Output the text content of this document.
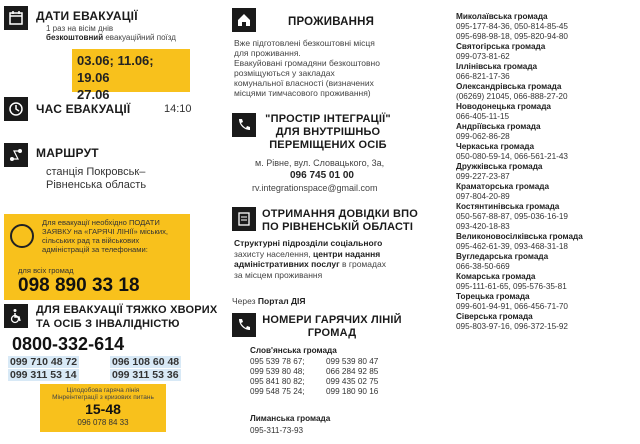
ДАТИ ЕВАКУАЦІЇ
1 раз на вісім днів
безкоштовний евакуаційний поїзд
03.06; 11.06; 19.06
27.06
ЧАС ЕВАКУАЦІЇ	14:10
МАРШРУТ
станція Покровськ–
Рівненська область
Для евакуації необхідно ПОДАТИ
ЗАЯВКУ на «ГАРЯЧІ ЛІНІЇ» міських,
сільських рад та військових
адміністрацій за телефонами:
для всіх громад
098 890 33 18
ДЛЯ ЕВАКУАЦІЇ ТЯЖКО ХВОРИХ
ТА ОСІБ З ІНВАЛІДНІСТЮ
0800-332-614
099 710 48 72	096 108 60 48
099 311 53 14	099 311 53 36
Цілодобова гаряча лінія
Мінреінтеграції з кризових питань
15-48
096 078 84 33
ПРОЖИВАННЯ
Вже підготовлені безкоштовні місця
для проживання.
Евакуйовані громадяни безкоштовно
розміщуються у закладах
комунальної власності (визначених
місцями тимчасового проживання)
"ПРОСТІР ІНТЕГРАЦІЇ"
ДЛЯ ВНУТРІШНЬО
ПЕРЕМІЩЕНИХ ОСІБ
м. Рівне, вул. Словацького, 3а,
096 745 01 00
rv.integrationspace@gmail.com
ОТРИМАННЯ ДОВІДКИ ВПО
ПО РІВНЕНСЬКІЙ ОБЛАСТІ
Структурні підрозділи соціального
захисту населення, центри надання
адміністративних послуг в громадах
за місцем проживання
Через Портал ДІЯ
НОМЕРИ ГАРЯЧИХ ЛІНІЙ
ГРОМАД
Слов'янська громада
095 539 78 67;	099 539 80 47
099 539 80 48;	066 284 92 85
095 841 80 82;	099 435 02 75
099 548 75 24;	099 180 90 16
Лиманська громада
095-311-73-93
Миколаївська громада
095-177-84-36, 050-814-85-45
095-698-98-18, 095-820-94-80
Святогірська громада
099-073-81-62
Іллінівська громада
066-821-17-36
Олександрівська громада
(06269) 21045, 066-888-27-20
Новодонецька громада
066-405-11-15
Андріївська громада
099-062-86-28
Черкаська громада
050-080-59-14, 066-561-21-43
Дружківська громада
099-227-23-87
Краматорська громада
097-804-20-89
Костянтинівська громада
050-567-88-87, 095-036-16-19
093-420-18-83
Великоновосілківська громада
095-462-61-39, 093-468-31-18
Вугледарська громада
066-38-50-669
Комарська громада
095-111-61-65, 095-576-35-81
Торецька громада
099-601-94-91, 066-456-71-70
Сіверська громада
095-803-97-16, 096-372-15-92
